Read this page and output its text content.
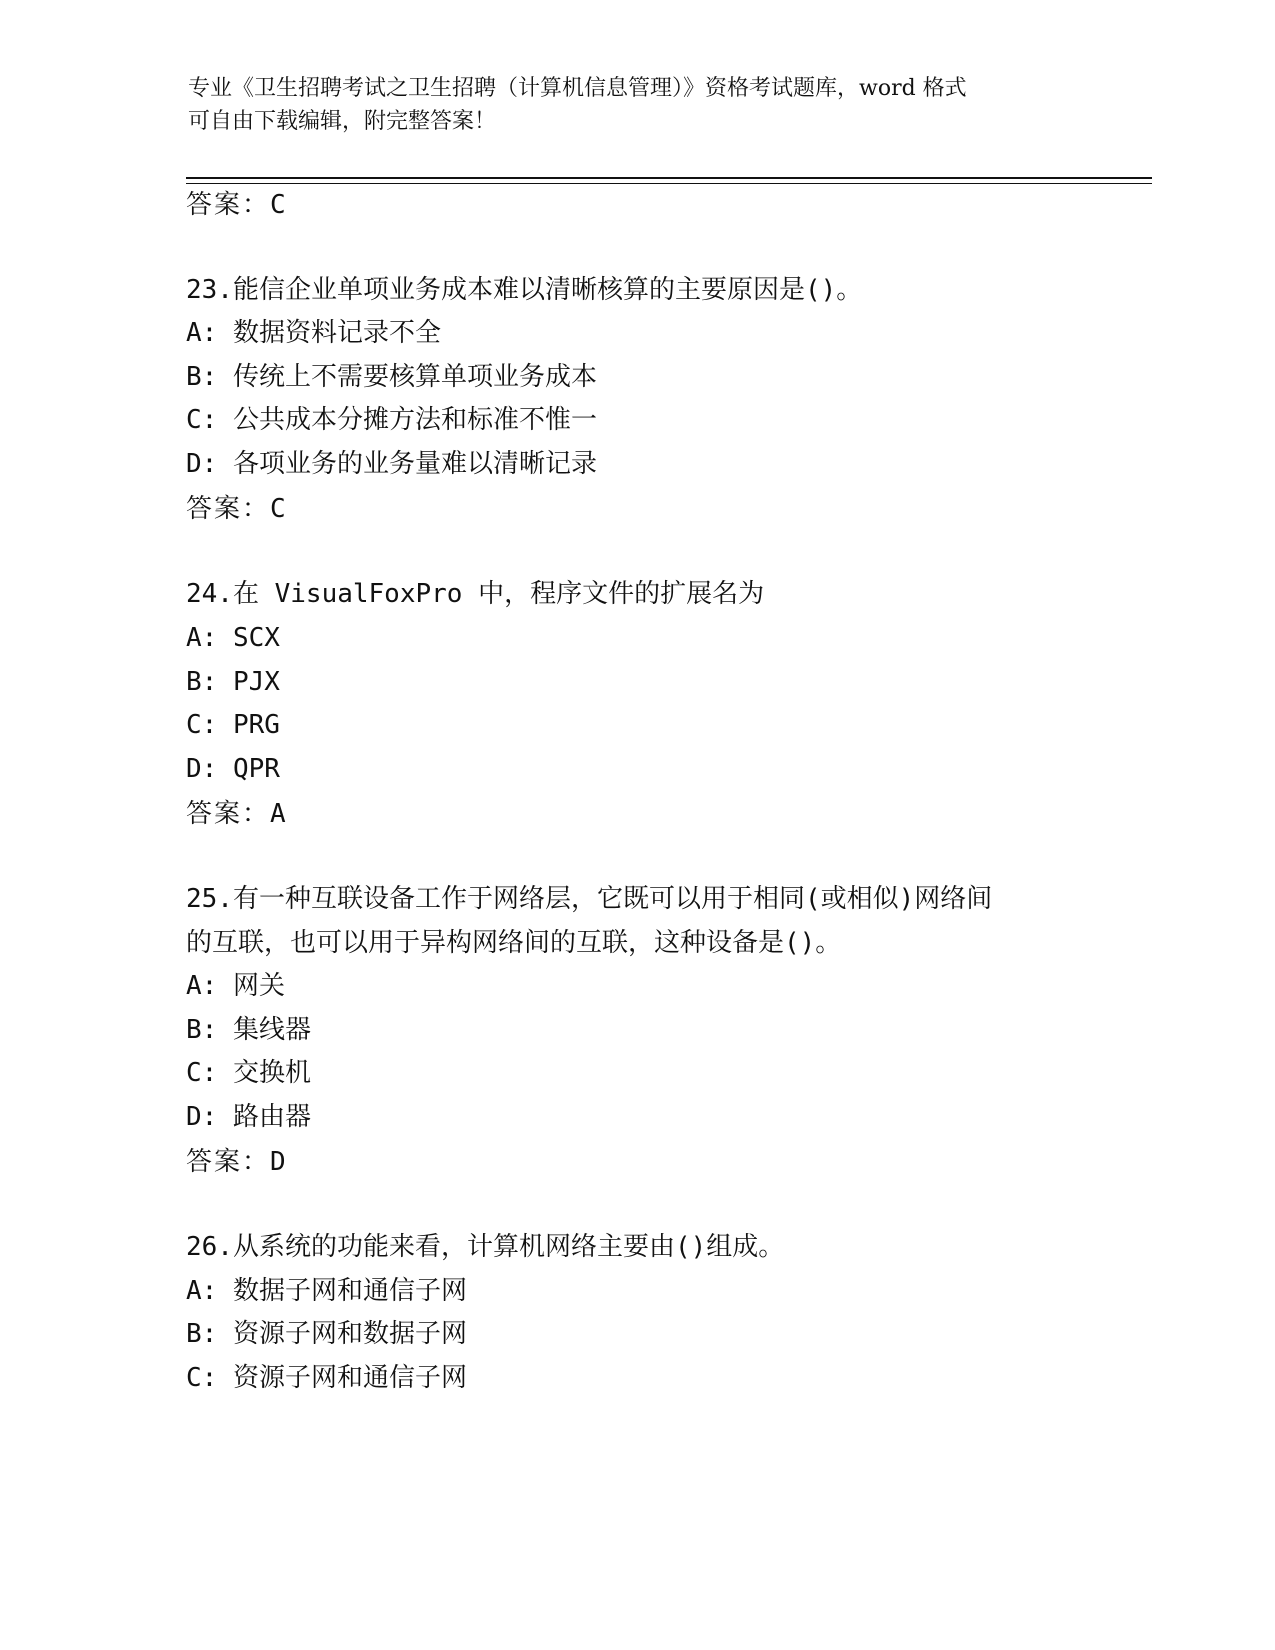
专业《卫生招聘考试之卫生招聘（计算机信息管理）》资格考试题库，word 格式
可自由下载编辑，附完整答案！
答案：C
23.能信企业单项业务成本难以清晰核算的主要原因是()。
A: 数据资料记录不全
B: 传统上不需要核算单项业务成本
C: 公共成本分摊方法和标准不惟一
D: 各项业务的业务量难以清晰记录
答案：C
24.在 VisualFoxPro 中，程序文件的扩展名为
A: SCX
B: PJX
C: PRG
D: QPR
答案：A
25.有一种互联设备工作于网络层，它既可以用于相同(或相似)网络间
的互联，也可以用于异构网络间的互联，这种设备是()。
A: 网关
B: 集线器
C: 交换机
D: 路由器
答案：D
26.从系统的功能来看，计算机网络主要由()组成。
A: 数据子网和通信子网
B: 资源子网和数据子网
C: 资源子网和通信子网
